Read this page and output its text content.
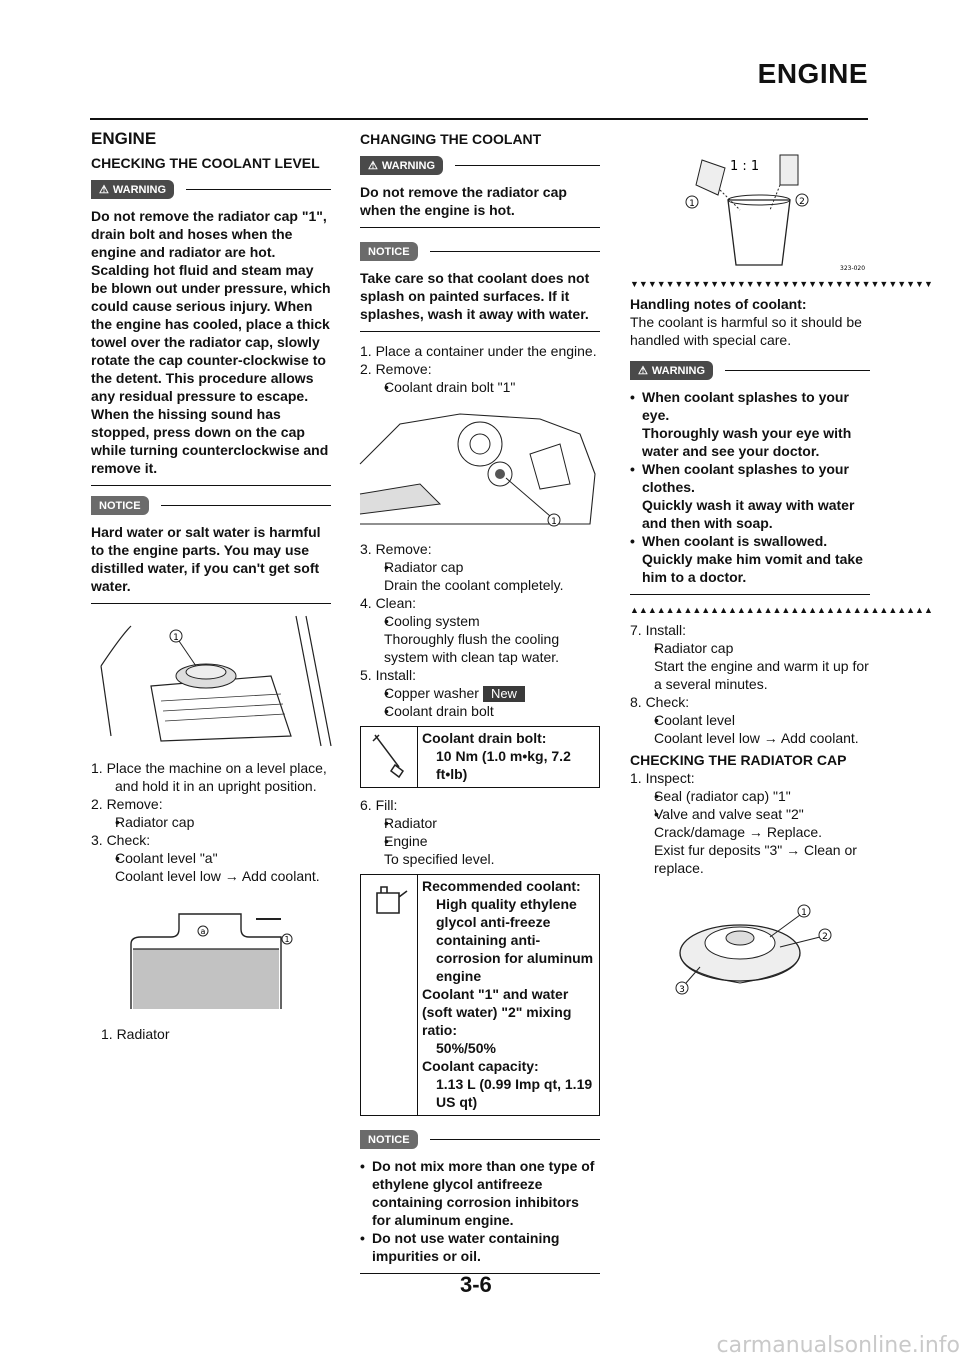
ENGINE
ENGINE
CHECKING THE COOLANT LEVEL
⚠ WARNING

Do not remove the radiator cap "1", drain bolt and hoses when the engine and radiator are hot. Scalding hot fluid and steam may be blown out under pressure, which could cause serious injury. When the engine has cooled, place a thick towel over the radiator cap, slowly rotate the cap counter-clockwise to the detent. This procedure allows any residual pressure to escape. When the hissing sound has stopped, press down on the cap while turning counterclockwise and remove it.

NOTICE

Hard water or salt water is harmful to the engine parts. You may use distilled water, if you can't get soft water.

1
1. Place the machine on a level place, and hold it in an upright position.
2. Remove:
• Radiator cap
3. Check:
• Coolant level "a"
Coolant level low → Add coolant.
a
1
1. Radiator
CHANGING THE COOLANT
⚠ WARNING

Do not remove the radiator cap when the engine is hot.

NOTICE

Take care so that coolant does not splash on painted surfaces. If it splashes, wash it away with water.

1. Place a container under the engine.
2. Remove:
• Coolant drain bolt "1"
1
3. Remove:
• Radiator cap
Drain the coolant completely.
4. Clean:
• Cooling system
Thoroughly flush the cooling system with clean tap water.
5. Install:
• Copper washer New
• Coolant drain bolt
Coolant drain bolt:
10 Nm (1.0 m•kg, 7.2 ft•lb)
6. Fill:
• Radiator
• Engine
To specified level.
Recommended coolant:
High quality ethylene glycol anti-freeze containing anti-corrosion for aluminum engine
Coolant "1" and water (soft water) "2" mixing ratio:
50%/50%
Coolant capacity:
1.13 L (0.99 Imp qt, 1.19 US qt)
NOTICE
• Do not mix more than one type of ethylene glycol antifreeze containing corrosion inhibitors for aluminum engine.
• Do not use water containing impurities or oil.
1 : 1
1	2
323-020
▼▼▼▼▼▼▼▼▼▼▼▼▼▼▼▼▼▼▼▼▼▼▼▼▼▼▼▼▼▼▼▼▼▼
Handling notes of coolant:
The coolant is harmful so it should be handled with special care.
⚠ WARNING
• When coolant splashes to your eye.
Thoroughly wash your eye with water and see your doctor.
• When coolant splashes to your clothes.
Quickly wash it away with water and then with soap.
• When coolant is swallowed.
Quickly make him vomit and take him to a doctor.
▲▲▲▲▲▲▲▲▲▲▲▲▲▲▲▲▲▲▲▲▲▲▲▲▲▲▲▲▲▲▲▲▲▲
7. Install:
• Radiator cap
Start the engine and warm it up for a several minutes.
8. Check:
• Coolant level
Coolant level low → Add coolant.
CHECKING THE RADIATOR CAP
1. Inspect:
• Seal (radiator cap) "1"
• Valve and valve seat "2"
Crack/damage → Replace.
Exist fur deposits "3" → Clean or replace.
1
2
3
3-6
carmanualsonline.info
